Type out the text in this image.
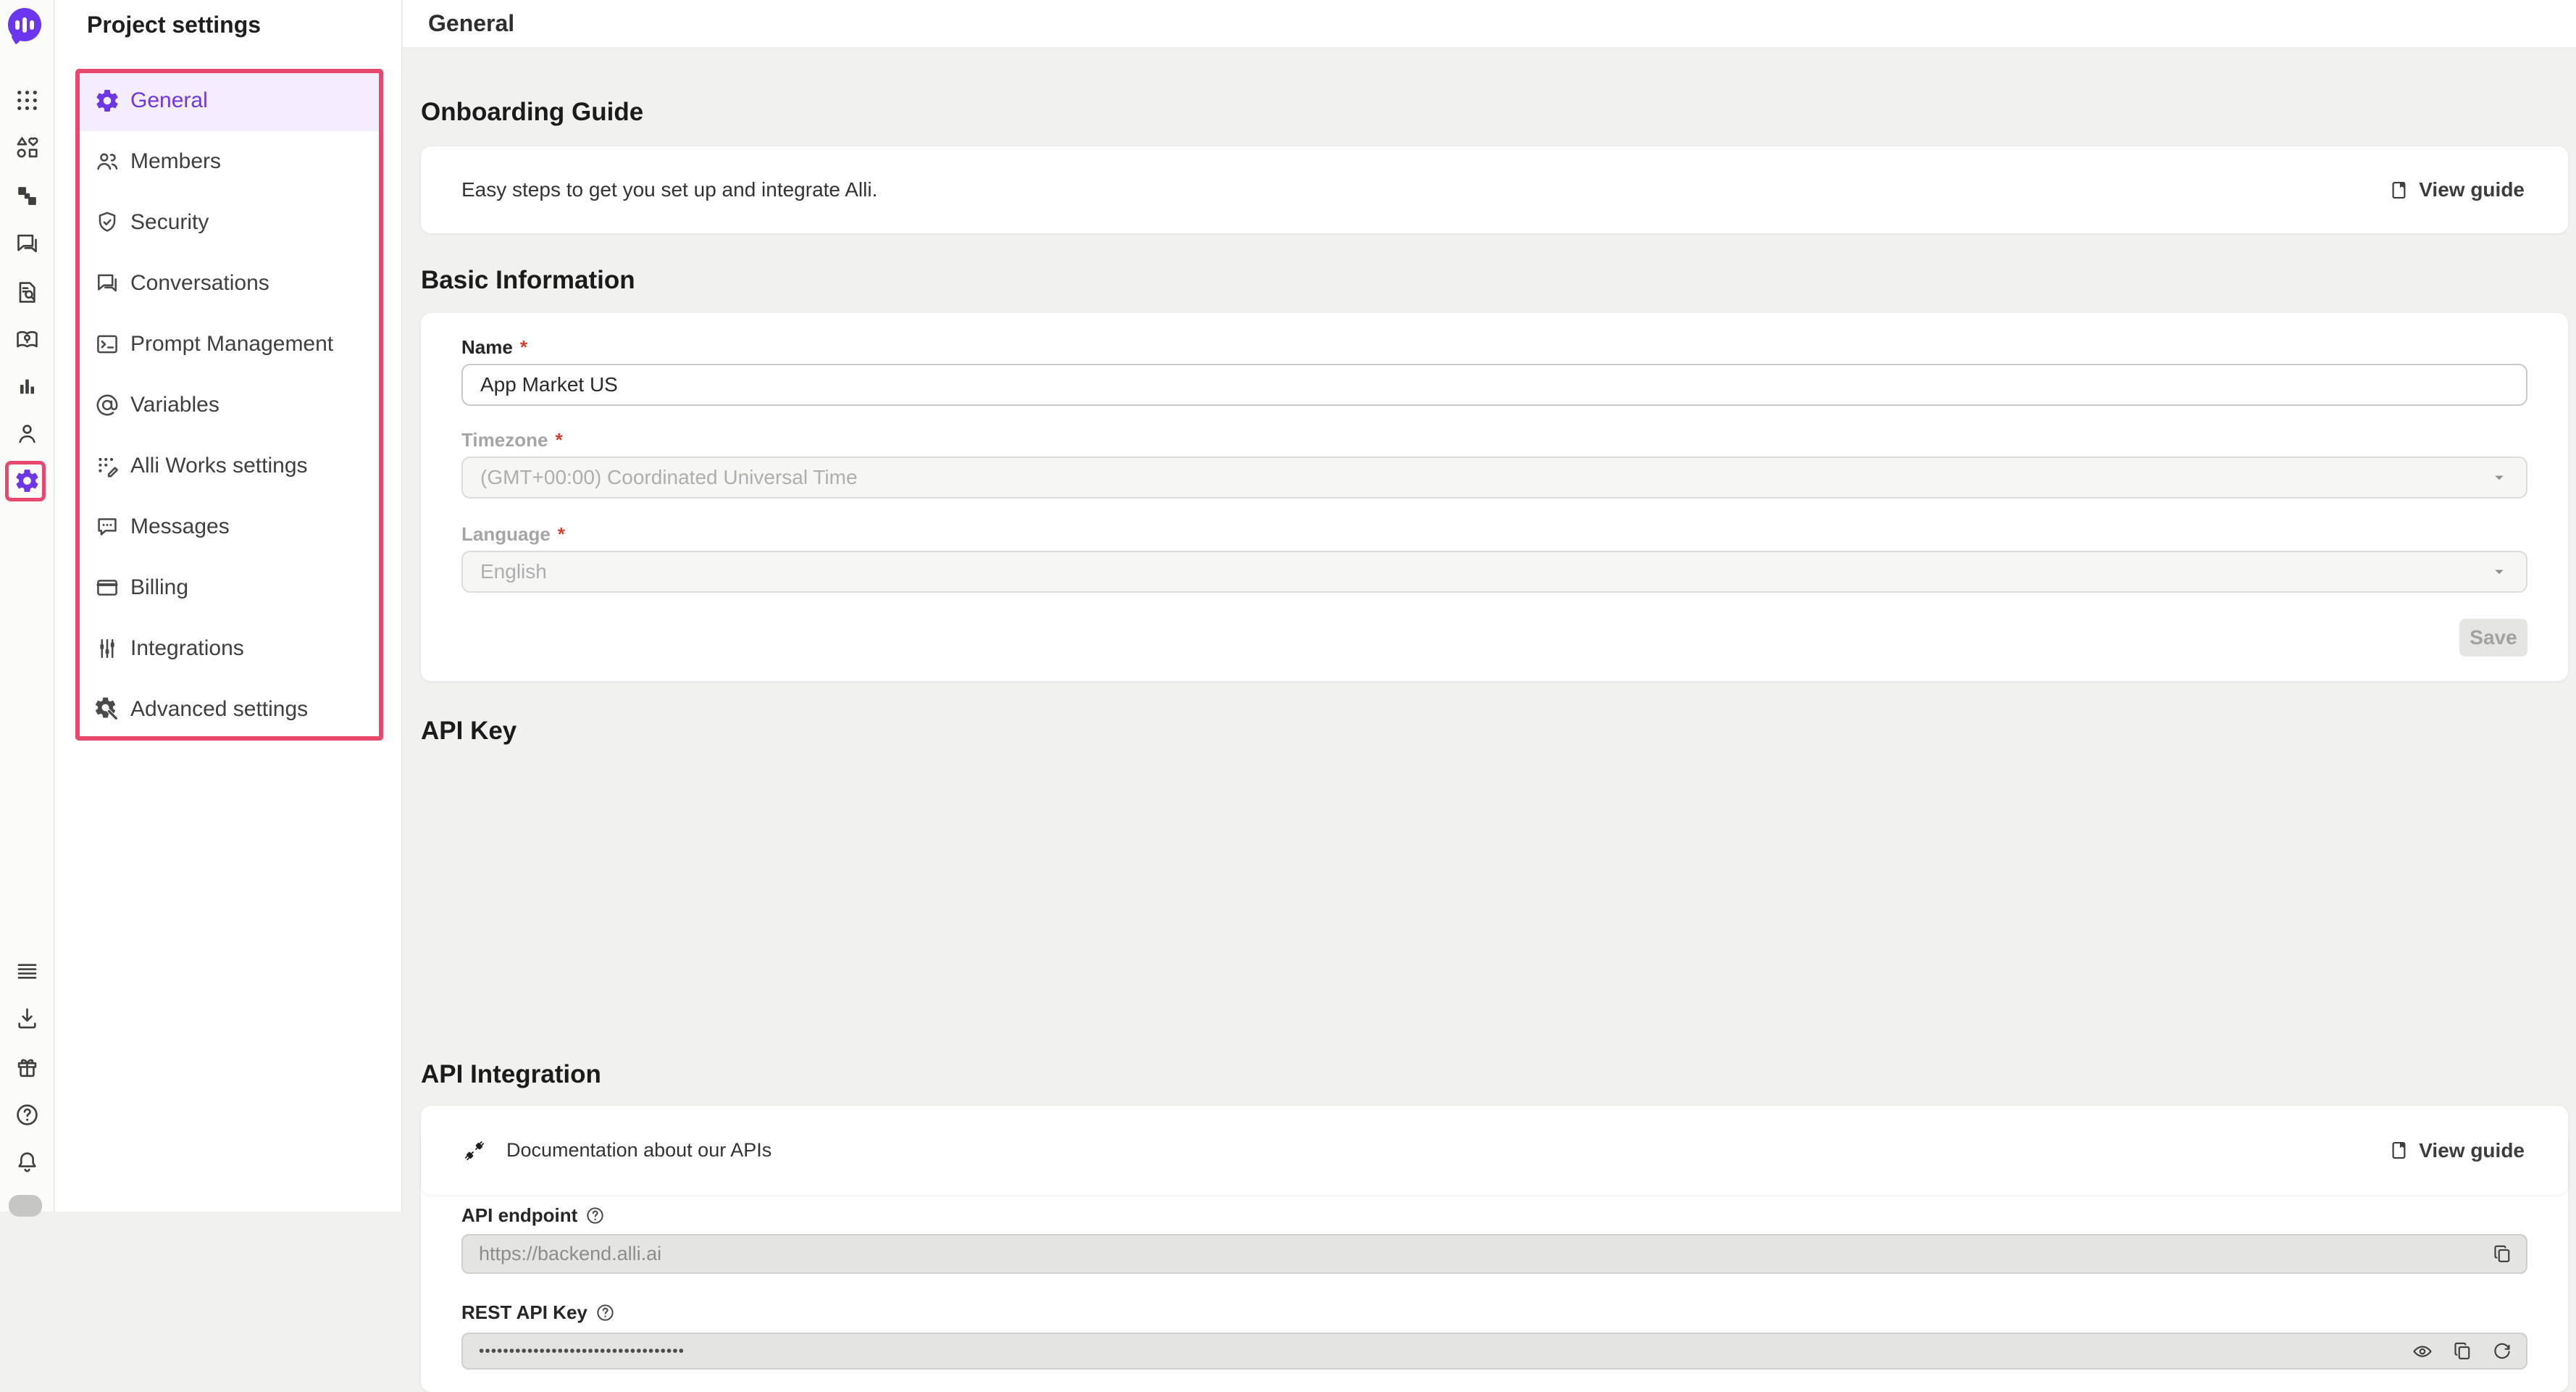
Project settings
General
Members
Security
Conversations
Prompt Management
Variables
Alli Works settings
Messages
Billing
Integrations
Advanced settings
General
Onboarding Guide
Easy steps to get you set up and integrate Alli.	View guide
Basic Information
Name *
App Market US
Timezone *
(GMT+00:00) Coordinated Universal Time
Language *
English
Save
API Key
API endpoint
https://backend.alli.ai
REST API Key
••••••••••••••••••••••••••••••••••
API Integration
Documentation about our APIs	View guide
